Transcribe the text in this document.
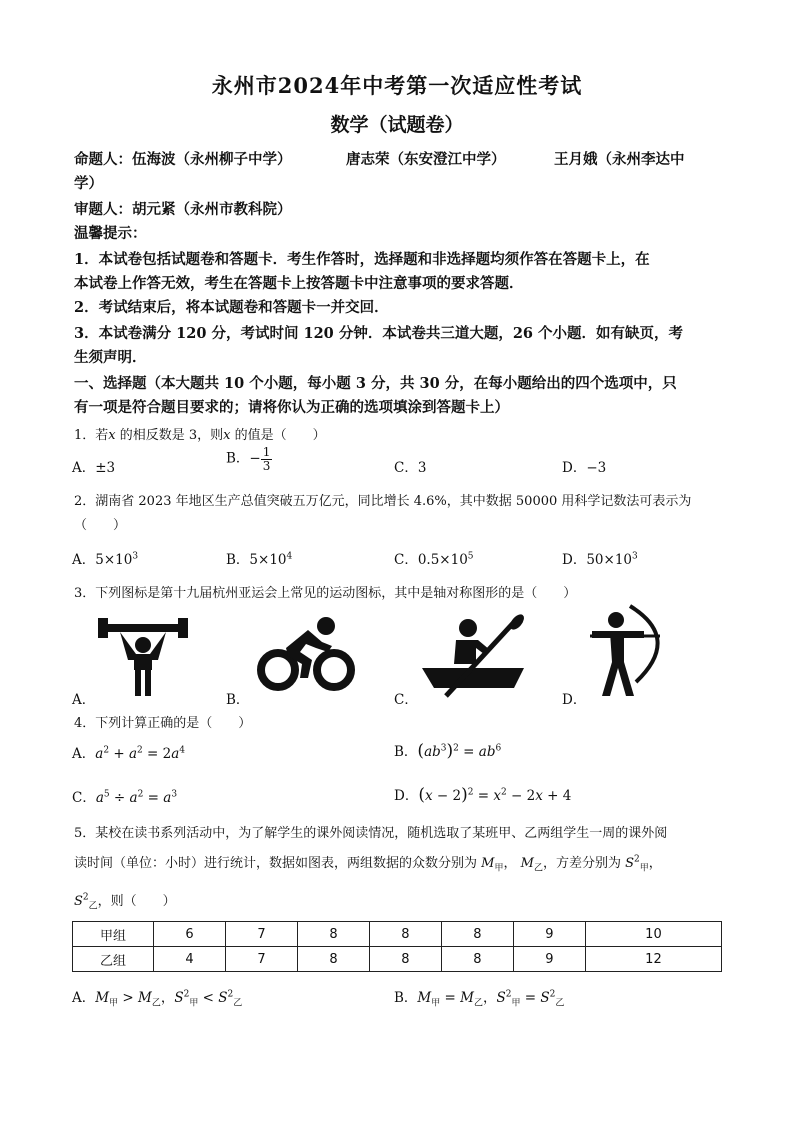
永州市2024年中考第一次适应性考试
数学（试题卷）
命题人：伍海波（永州柳子中学）	唐志荣（东安澄江中学）	王月娥（永州李达中
学）
审题人：胡元紧（永州市教科院）
温馨提示：
1．本试卷包括试题卷和答题卡．考生作答时，选择题和非选择题均须作答在答题卡上，在
本试卷上作答无效，考生在答题卡上按答题卡中注意事项的要求答题．
2．考试结束后，将本试题卷和答题卡一并交回．
3．本试卷满分 120 分，考试时间 120 分钟．本试卷共三道大题，26 个小题．如有缺页，考
生须声明．
一、选择题（本大题共 10 个小题，每小题 3 分，共 30 分，在每小题给出的四个选项中，只
有一项是符合题目要求的；请将你认为正确的选项填涂到答题卡上）
1．若x 的相反数是 3，则x 的值是（　　）
A．±3
B．− $\frac{1}{3}$	C．3	D．−3
2．湖南省 2023 年地区生产总值突破五万亿元，同比增长 4.6%，其中数据 50000 用科学记数法可表示为
（　　）
A．$5\times 10^3$	B．$5\times 10^4$	C．$0.5\times 10^5$	D．$50\times 10^3$
3．下列图标是第十九届杭州亚运会上常见的运动图标，其中是轴对称图形的是（　　）
A．	B．	C．	D．
4．下列计算正确的是（　　）
A．$a^2 + a^2 = 2a^4$	B．$(ab^3)^2 = ab^6$
C．$a^5 \div a^2 = a^3$	D．$(x - 2)^2 = x^2 - 2x + 4$
5．某校在读书系列活动中，为了解学生的课外阅读情况，随机选取了某班甲、乙两组学生一周的课外阅
读时间（单位：小时）进行统计，数据如图表，两组数据的众数分别为 $M_甲$， $M_乙$，方差分别为 $S^2_甲$，
$S^2_乙$，则（　　）
甲组	6	7	8	8	8	9	10
乙组	4	7	8	8	8	9	12
A．$M_甲 > M_乙$，$S^2_甲 < S^2_乙$	B．$M_甲 = M_乙$，$S^2_甲 = S^2_乙$
